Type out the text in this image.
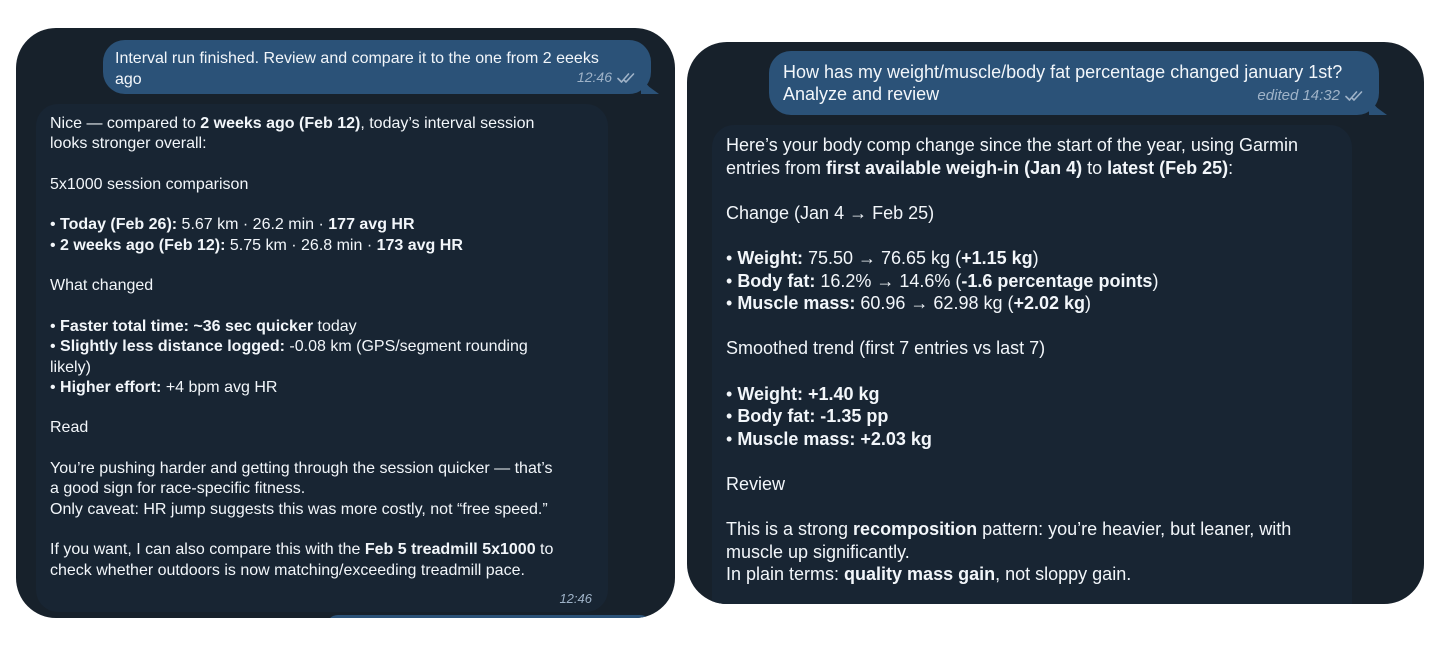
Interval run finished. Review and compare it to the one from 2 eeeks
ago	12:46
Nice — compared to 2 weeks ago (Feb 12), today’s interval session
looks stronger overall:
5x1000 session comparison
• Today (Feb 26): 5.67 km · 26.2 min · 177 avg HR
• 2 weeks ago (Feb 12): 5.75 km · 26.8 min · 173 avg HR
What changed
• Faster total time: ~36 sec quicker today
• Slightly less distance logged: -0.08 km (GPS/segment rounding
likely)
• Higher effort: +4 bpm avg HR
Read
You’re pushing harder and getting through the session quicker — that’s
a good sign for race-specific fitness.
Only caveat: HR jump suggests this was more costly, not “free speed.”
If you want, I can also compare this with the Feb 5 treadmill 5x1000 to
check whether outdoors is now matching/exceeding treadmill pace.
12:46
How has my weight/muscle/body fat percentage changed january 1st?
Analyze and review	edited 14:32
Here’s your body comp change since the start of the year, using Garmin
entries from first available weigh-in (Jan 4) to latest (Feb 25):
Change (Jan 4 → Feb 25)
• Weight: 75.50 → 76.65 kg (+1.15 kg)
• Body fat: 16.2% → 14.6% (-1.6 percentage points)
• Muscle mass: 60.96 → 62.98 kg (+2.02 kg)
Smoothed trend (first 7 entries vs last 7)
• Weight: +1.40 kg
• Body fat: -1.35 pp
• Muscle mass: +2.03 kg
Review
This is a strong recomposition pattern: you’re heavier, but leaner, with
muscle up significantly.
In plain terms: quality mass gain, not sloppy gain.
